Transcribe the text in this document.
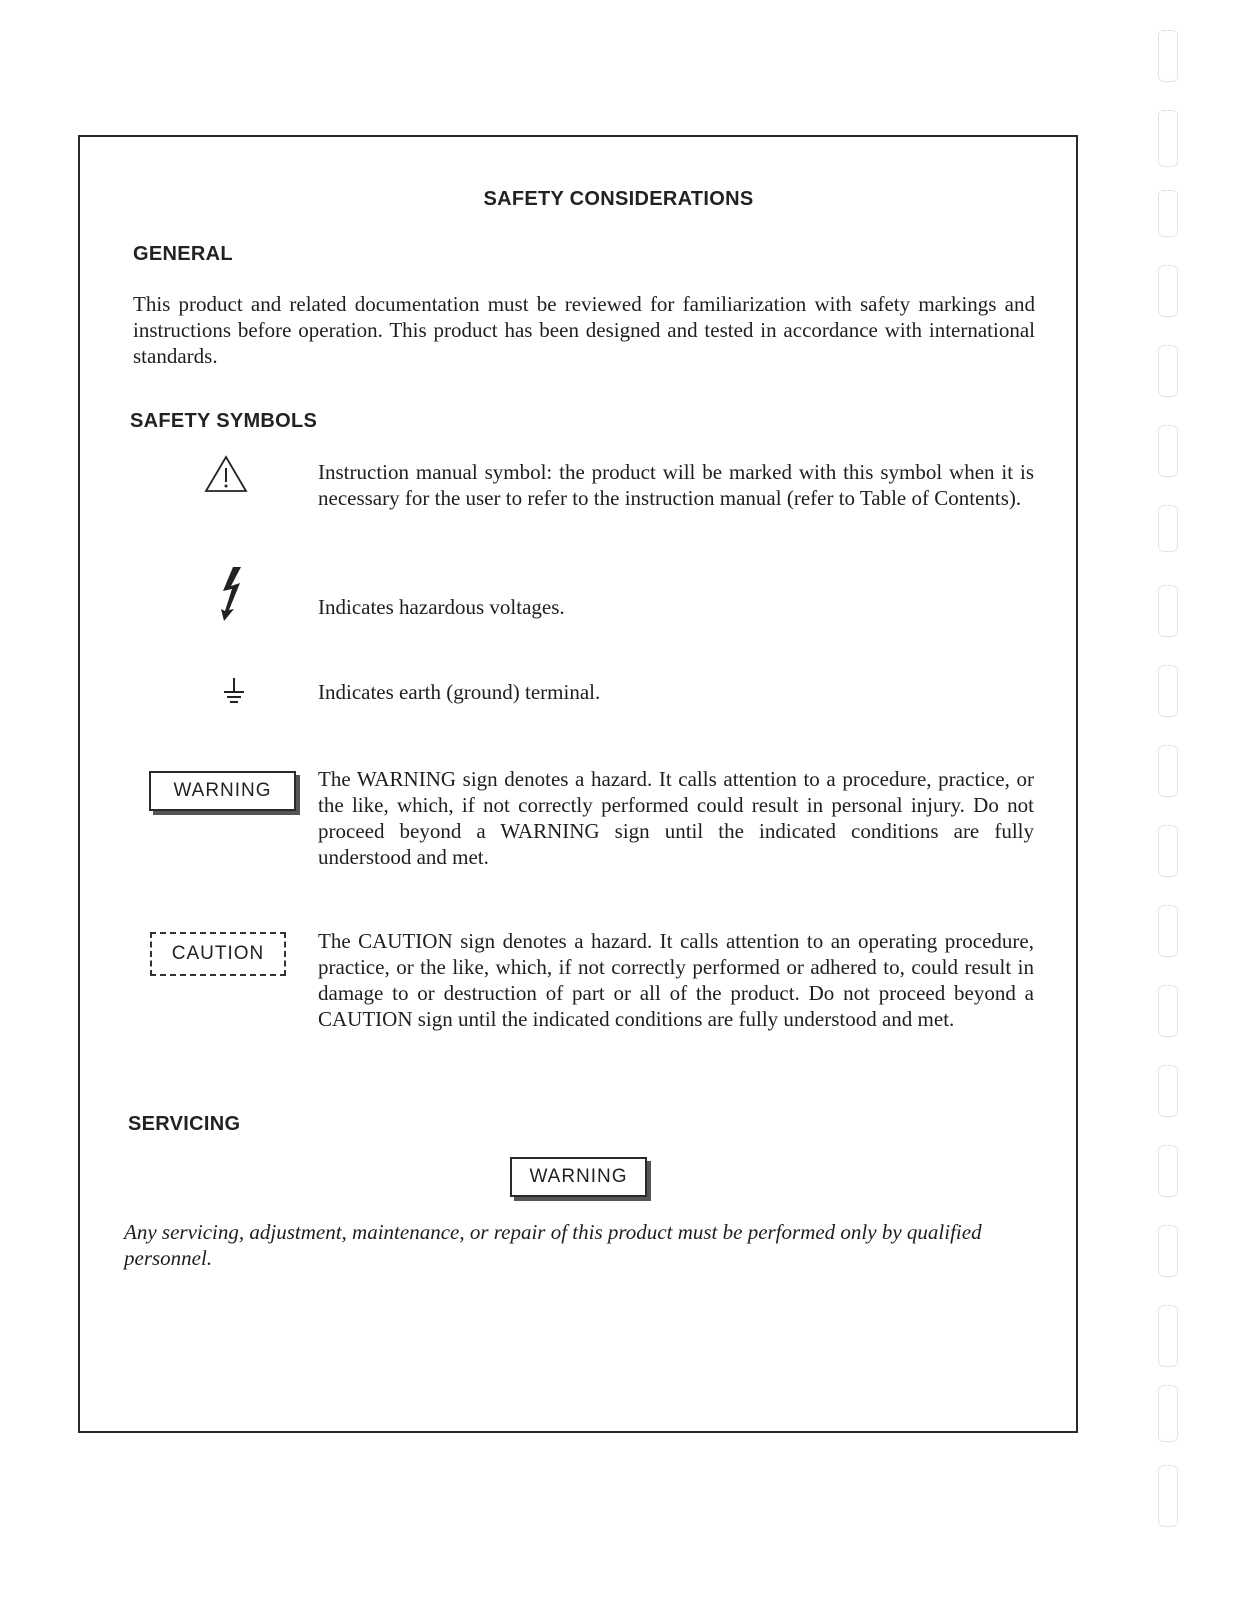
SAFETY CONSIDERATIONS
GENERAL
This product and related documentation must be reviewed for familiarization with safety markings and instructions before operation. This product has been designed and tested in accordance with international standards.
SAFETY SYMBOLS
Instruction manual symbol: the product will be marked with this symbol when it is necessary for the user to refer to the instruction manual (refer to Table of Contents).
Indicates hazardous voltages.
Indicates earth (ground) terminal.
WARNING	The WARNING sign denotes a hazard. It calls attention to a procedure, practice, or the like, which, if not correctly performed could result in personal injury. Do not proceed beyond a WARNING sign until the indicated conditions are fully understood and met.
CAUTION
The CAUTION sign denotes a hazard. It calls attention to an operating procedure, practice, or the like, which, if not correctly performed or adhered to, could result in damage to or destruction of part or all of the product. Do not proceed beyond a CAUTION sign until the indicated conditions are fully understood and met.
SERVICING
WARNING
Any servicing, adjustment, maintenance, or repair of this product must be performed only by qualified personnel.
